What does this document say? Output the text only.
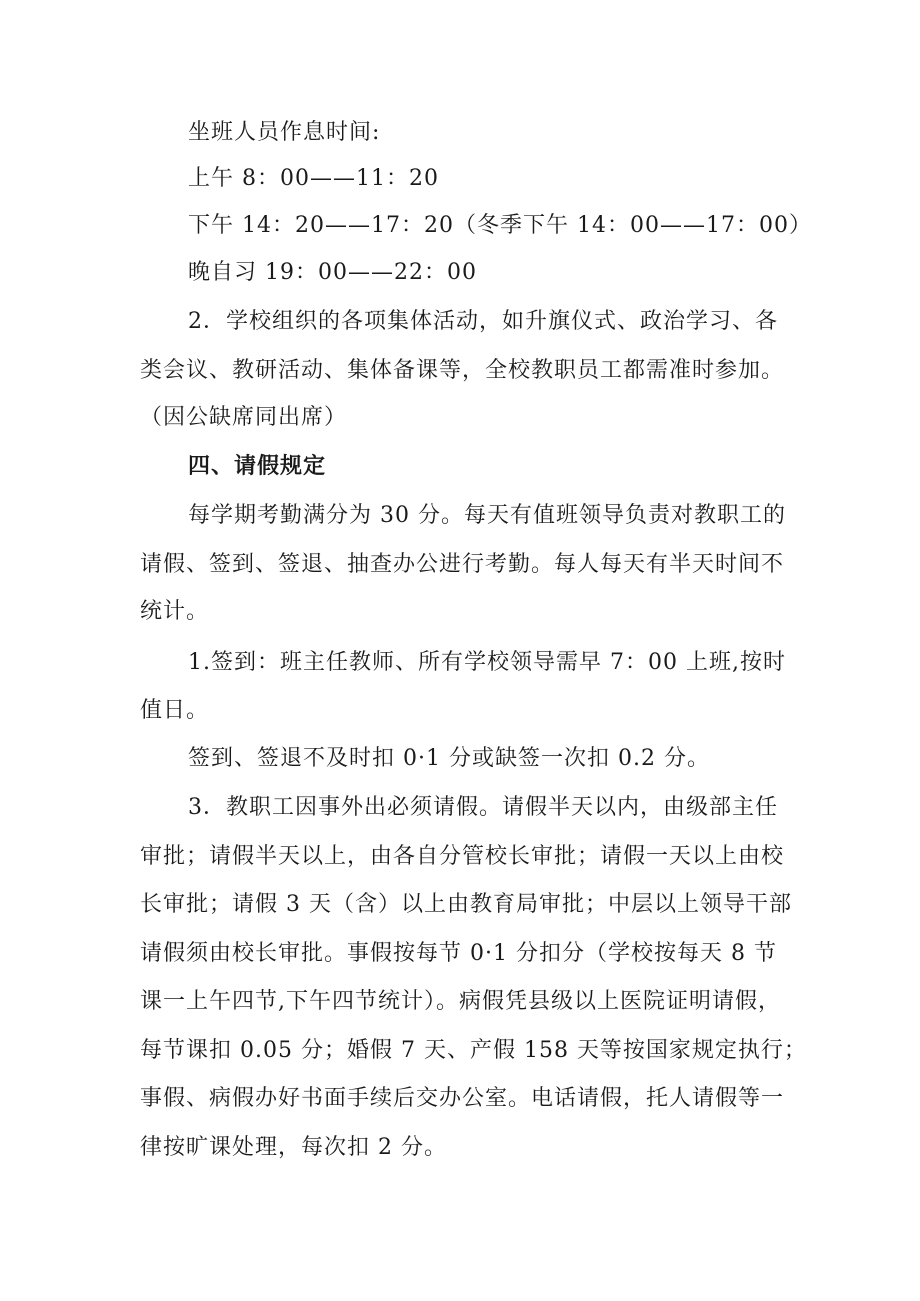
坐班人员作息时间:
上午 8：00——11：20
下午 14：20——17：20（冬季下午 14：00——17：00）
晚自习 19：00——22：00
2．学校组织的各项集体活动，如升旗仪式、政治学习、各
类会议、教研活动、集体备课等，全校教职员工都需准时参加。
（因公缺席同出席）
四、请假规定
每学期考勤满分为 30 分。每天有值班领导负责对教职工的
请假、签到、签退、抽查办公进行考勤。每人每天有半天时间不
统计。
1.签到：班主任教师、所有学校领导需早 7：00 上班,按时
值日。
签到、签退不及时扣 0·1 分或缺签一次扣 0.2 分。
3．教职工因事外出必须请假。请假半天以内，由级部主任
审批；请假半天以上，由各自分管校长审批；请假一天以上由校
长审批；请假 3 天（含）以上由教育局审批；中层以上领导干部
请假须由校长审批。事假按每节 0·1 分扣分（学校按每天 8 节
课一上午四节,下午四节统计）。病假凭县级以上医院证明请假，
每节课扣 0.05 分；婚假 7 天、产假 158 天等按国家规定执行；
事假、病假办好书面手续后交办公室。电话请假，托人请假等一
律按旷课处理，每次扣 2 分。
